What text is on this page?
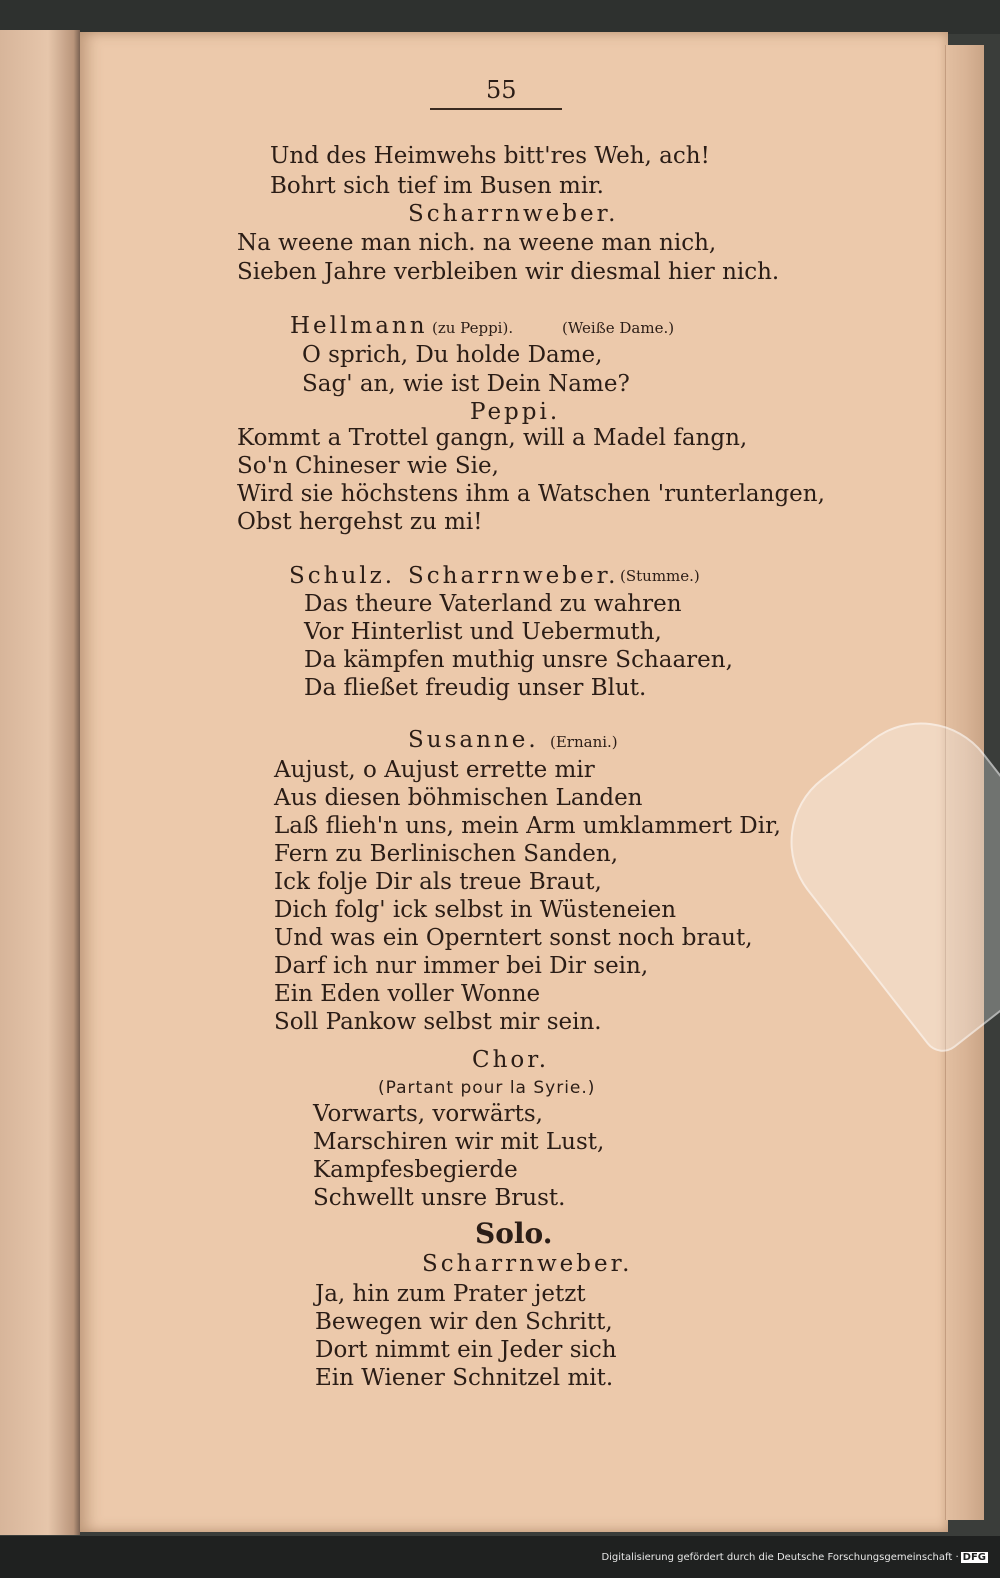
55
Und des Heimwehs bitt'res Weh, ach!
Bohrt sich tief im Busen mir.
Scharrnweber.
Na weene man nich. na weene man nich,
Sieben Jahre verbleiben wir diesmal hier nich.
Hellmann (zu Peppi).	(Weiße Dame.)
O sprich, Du holde Dame,
Sag' an, wie ist Dein Name?
Peppi.
Kommt a Trottel gangn, will a Madel fangn,
So'n Chineser wie Sie,
Wird sie höchstens ihm a Watschen 'runterlangen,
Obst hergehst zu mi!
Schulz. Scharrnweber. (Stumme.)
Das theure Vaterland zu wahren
Vor Hinterlist und Uebermuth,
Da kämpfen muthig unsre Schaaren,
Da fließet freudig unser Blut.
Susanne. (Ernani.)
Aujust, o Aujust errette mir
Aus diesen böhmischen Landen
Laß flieh'n uns, mein Arm umklammert Dir,
Fern zu Berlinischen Sanden,
Ick folje Dir als treue Braut,
Dich folg' ick selbst in Wüsteneien
Und was ein Operntert sonst noch braut,
Darf ich nur immer bei Dir sein,
Ein Eden voller Wonne
Soll Pankow selbst mir sein.
Chor.
(Partant pour la Syrie.)
Vorwarts, vorwärts,
Marschiren wir mit Lust,
Kampfesbegierde
Schwellt unsre Brust.
Solo.
Scharrnweber.
Ja, hin zum Prater jetzt
Bewegen wir den Schritt,
Dort nimmt ein Jeder sich
Ein Wiener Schnitzel mit.
Digitalisierung gefördert durch die Deutsche Forschungsgemeinschaft · DFG
